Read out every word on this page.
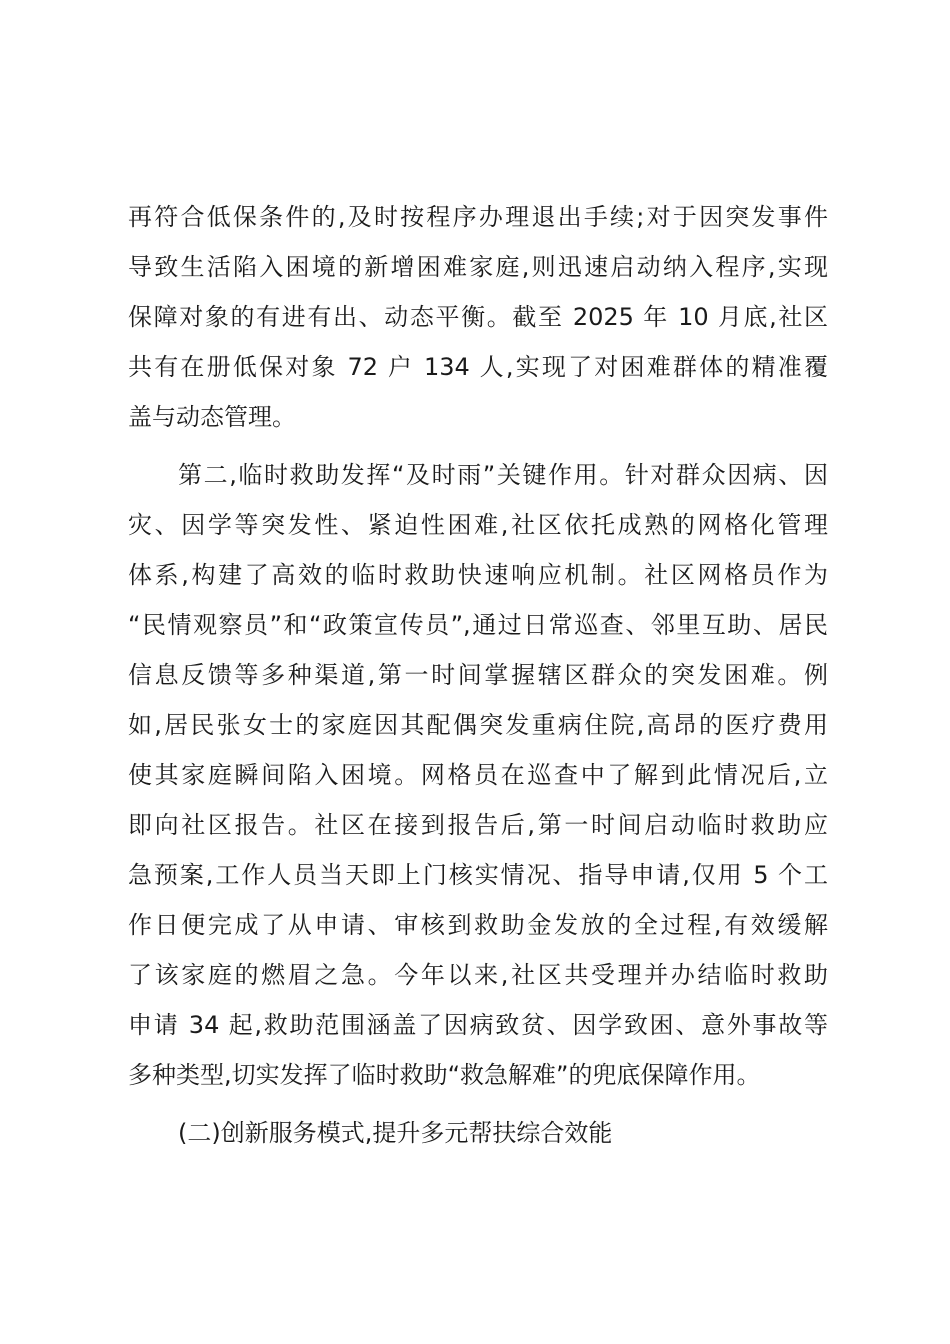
再符合低保条件的,及时按程序办理退出手续;对于因突发事件
导致生活陷入困境的新增困难家庭,则迅速启动纳入程序,实现
保障对象的有进有出、动态平衡。截至 2025 年 10 月底,社区
共有在册低保对象 72 户 134 人,实现了对困难群体的精准覆
盖与动态管理。
第二,临时救助发挥“及时雨”关键作用。针对群众因病、因
灾、因学等突发性、紧迫性困难,社区依托成熟的网格化管理
体系,构建了高效的临时救助快速响应机制。社区网格员作为
“民情观察员”和“政策宣传员”,通过日常巡查、邻里互助、居民
信息反馈等多种渠道,第一时间掌握辖区群众的突发困难。例
如,居民张女士的家庭因其配偶突发重病住院,高昂的医疗费用
使其家庭瞬间陷入困境。网格员在巡查中了解到此情况后,立
即向社区报告。社区在接到报告后,第一时间启动临时救助应
急预案,工作人员当天即上门核实情况、指导申请,仅用 5 个工
作日便完成了从申请、审核到救助金发放的全过程,有效缓解
了该家庭的燃眉之急。今年以来,社区共受理并办结临时救助
申请 34 起,救助范围涵盖了因病致贫、因学致困、意外事故等
多种类型,切实发挥了临时救助“救急解难”的兜底保障作用。
(二)创新服务模式,提升多元帮扶综合效能
